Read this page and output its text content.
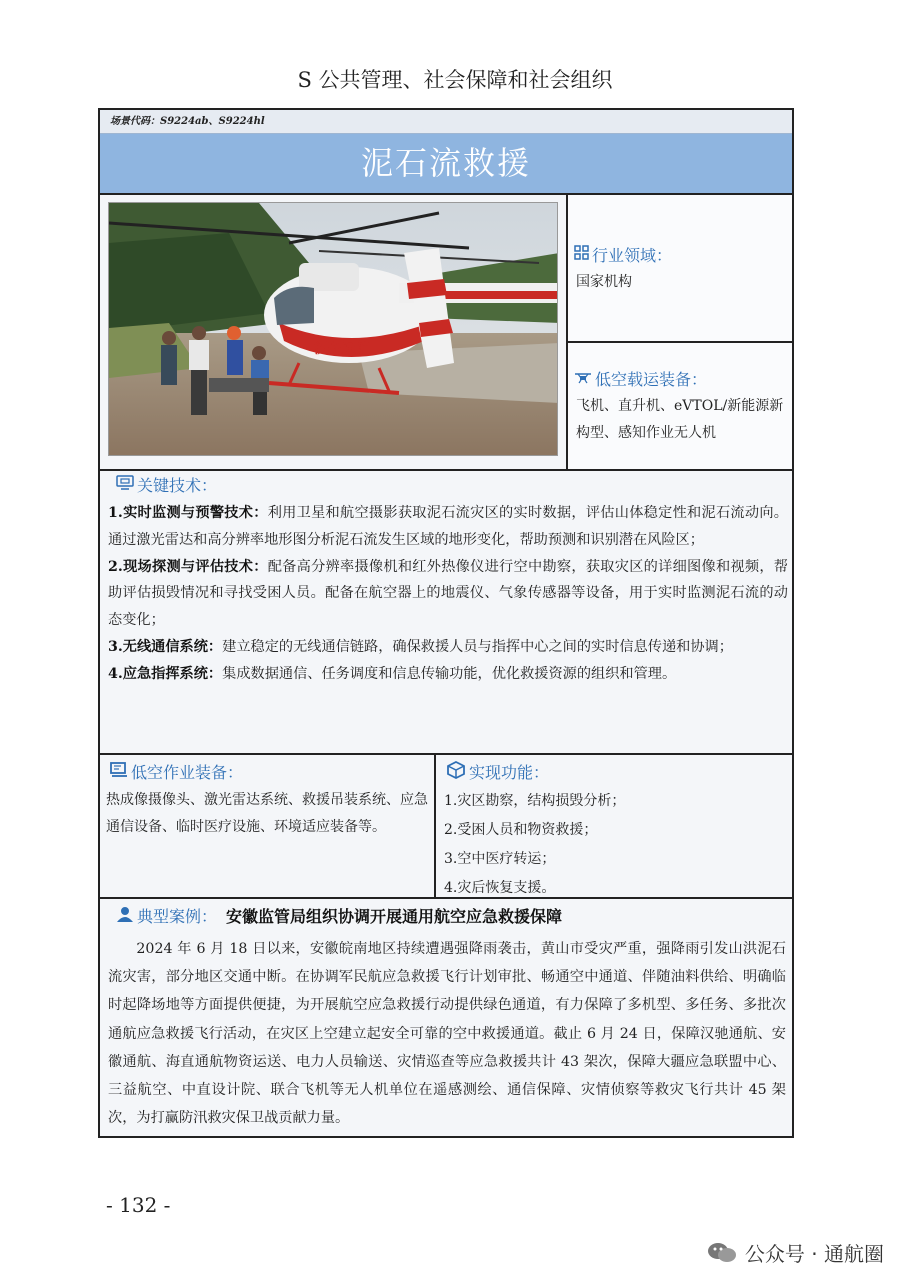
S 公共管理、社会保障和社会组织
场景代码：S9224ab、S9224hl
泥石流救援
汉驰通航
行业领域：
国家机构
低空载运装备：
飞机、直升机、eVTOL/新能源新构型、感知作业无人机
关键技术：
1.实时监测与预警技术：利用卫星和航空摄影获取泥石流灾区的实时数据，评估山体稳定性和泥石流动向。通过激光雷达和高分辨率地形图分析泥石流发生区域的地形变化，帮助预测和识别潜在风险区；
2.现场探测与评估技术：配备高分辨率摄像机和红外热像仪进行空中勘察，获取灾区的详细图像和视频，帮助评估损毁情况和寻找受困人员。配备在航空器上的地震仪、气象传感器等设备，用于实时监测泥石流的动态变化；
3.无线通信系统：建立稳定的无线通信链路，确保救援人员与指挥中心之间的实时信息传递和协调；
4.应急指挥系统：集成数据通信、任务调度和信息传输功能，优化救援资源的组织和管理。
低空作业装备：
热成像摄像头、激光雷达系统、救援吊装系统、应急通信设备、临时医疗设施、环境适应装备等。
实现功能：
1.灾区勘察，结构损毁分析；
2.受困人员和物资救援；
3.空中医疗转运；
4.灾后恢复支援。
典型案例： 安徽监管局组织协调开展通用航空应急救援保障
2024 年 6 月 18 日以来，安徽皖南地区持续遭遇强降雨袭击，黄山市受灾严重，强降雨引发山洪泥石流灾害，部分地区交通中断。在协调军民航应急救援飞行计划审批、畅通空中通道、伴随油料供给、明确临时起降场地等方面提供便捷，为开展航空应急救援行动提供绿色通道，有力保障了多机型、多任务、多批次通航应急救援飞行活动，在灾区上空建立起安全可靠的空中救援通道。截止 6 月 24 日，保障汉驰通航、安徽通航、海直通航物资运送、电力人员输送、灾情巡查等应急救援共计 43 架次，保障大疆应急联盟中心、三益航空、中直设计院、联合飞机等无人机单位在遥感测绘、通信保障、灾情侦察等救灾飞行共计 45 架次，为打赢防汛救灾保卫战贡献力量。
- 132 -
公众号 · 通航圈
